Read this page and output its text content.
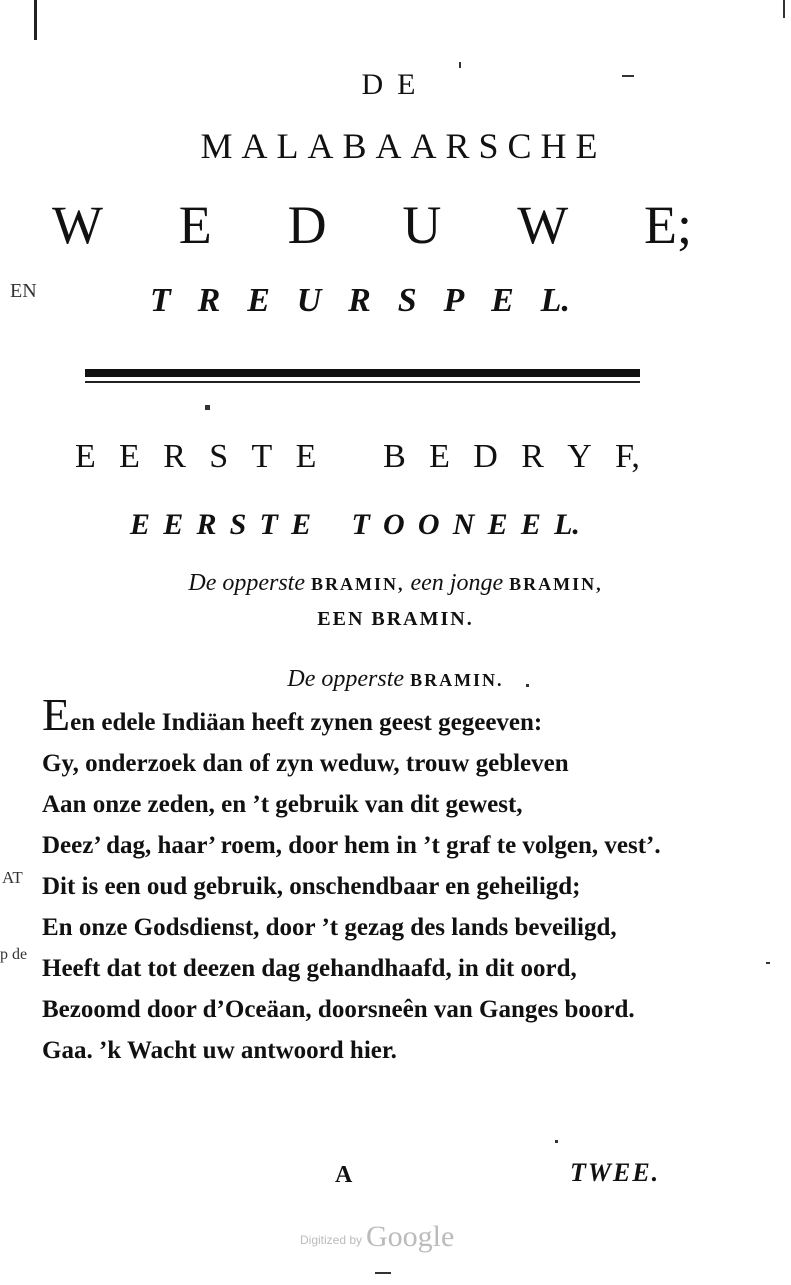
DE
MALABAARSCHE
W E D U W E;
T R E U R S P E L.
E E R S T E B E D R Y F,
E E R S T E T O O N E E L.
De opperste BRAMIN, een jonge BRAMIN,
EEN BRAMIN.
De opperste BRAMIN.
Een edele Indiäan heeft zynen geest gegeeven:
Gy, onderzoek dan of zyn weduw, trouw gebleven
Aan onze zeden, en ’t gebruik van dit gewest,
Deez’ dag, haar’ roem, door hem in ’t graf te volgen, vest’.
Dit is een oud gebruik, onschendbaar en geheiligd;
En onze Godsdienst, door ’t gezag des lands beveiligd,
Heeft dat tot deezen dag gehandhaafd, in dit oord,
Bezoomd door d’Oceäan, doorsneên van Ganges boord.
Gaa. ’k Wacht uw antwoord hier.
A	TWEE.
EN
AT
p de
Digitized by Google
